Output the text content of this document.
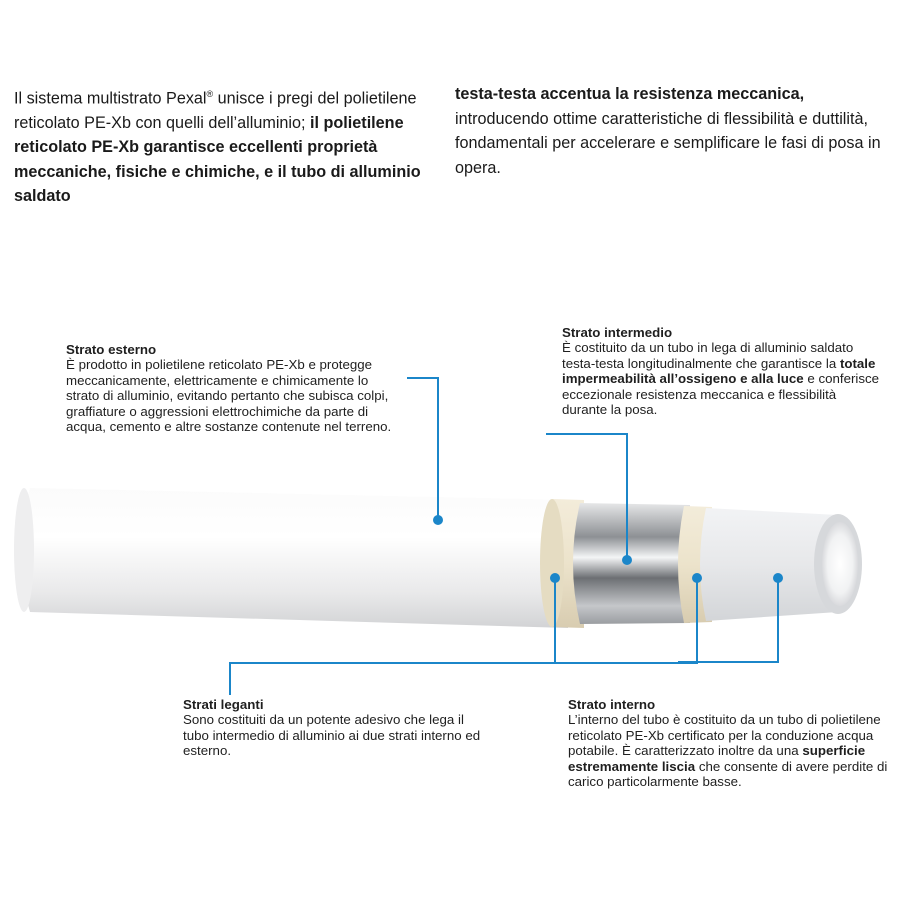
Il sistema multistrato Pexal® unisce i pregi del polietilene reticolato PE-Xb con quelli dell’alluminio; il polietilene reticolato PE-Xb garantisce eccellenti proprietà meccaniche, fisiche e chimiche, e il tubo di alluminio saldato
testa-testa accentua la resistenza meccanica, introducendo ottime caratteristiche di flessibilità e duttilità, fondamentali per accelerare e semplificare le fasi di posa in opera.
Strato esterno
È prodotto in polietilene reticolato PE-Xb e protegge meccanicamente, elettricamente e chimicamente lo strato di alluminio, evitando pertanto che subisca colpi, graffiature o aggressioni elettrochimiche da parte di acqua, cemento e altre sostanze contenute nel terreno.
Strato intermedio
È costituito da un tubo in lega di alluminio saldato testa-testa longitudinalmente che garantisce la totale impermeabilità all’ossigeno e alla luce e conferisce eccezionale resistenza meccanica e flessibilità durante la posa.
Strati leganti
Sono costituiti da un potente adesivo che lega il tubo intermedio di alluminio ai due strati interno ed esterno.
Strato interno
L’interno del tubo è costituito da un tubo di polietilene reticolato PE-Xb certificato per la conduzione acqua potabile. È caratterizzato inoltre da una superficie estremamente liscia che consente di avere perdite di carico particolarmente basse.
